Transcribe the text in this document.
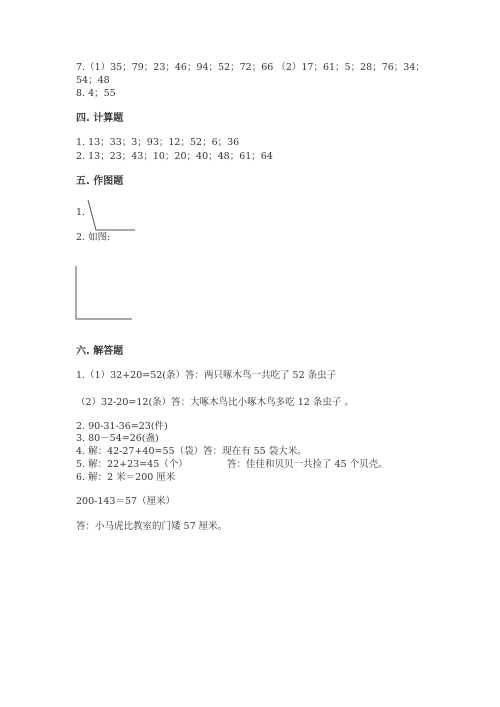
7.（1）35；79；23；46；94；52；72；66 （2）17；61；5；28；76；34；
54；48
8. 4；55
四. 计算题
1. 13；33；3；93；12；52；6；36
2. 13；23；43；10；20；40；48；61；64
五. 作图题
1.
2. 如图:
六. 解答题
1.（1）32+20=52(条）答：两只啄木鸟一共吃了 52 条虫子
（2）32-20=12(条）答：大啄木鸟比小啄木鸟多吃 12 条虫子 。
2. 90-31-36=23(件)
3. 80－54=26(盏)
4. 解：42-27+40=55（袋）答：现在有 55 袋大米。
5. 解：22+23=45（个）             答：佳佳和贝贝一共捡了 45 个贝壳。
6. 解：2 米＝200 厘米
200-143＝57（厘米）
答：小马虎比教室的门矮 57 厘米。
